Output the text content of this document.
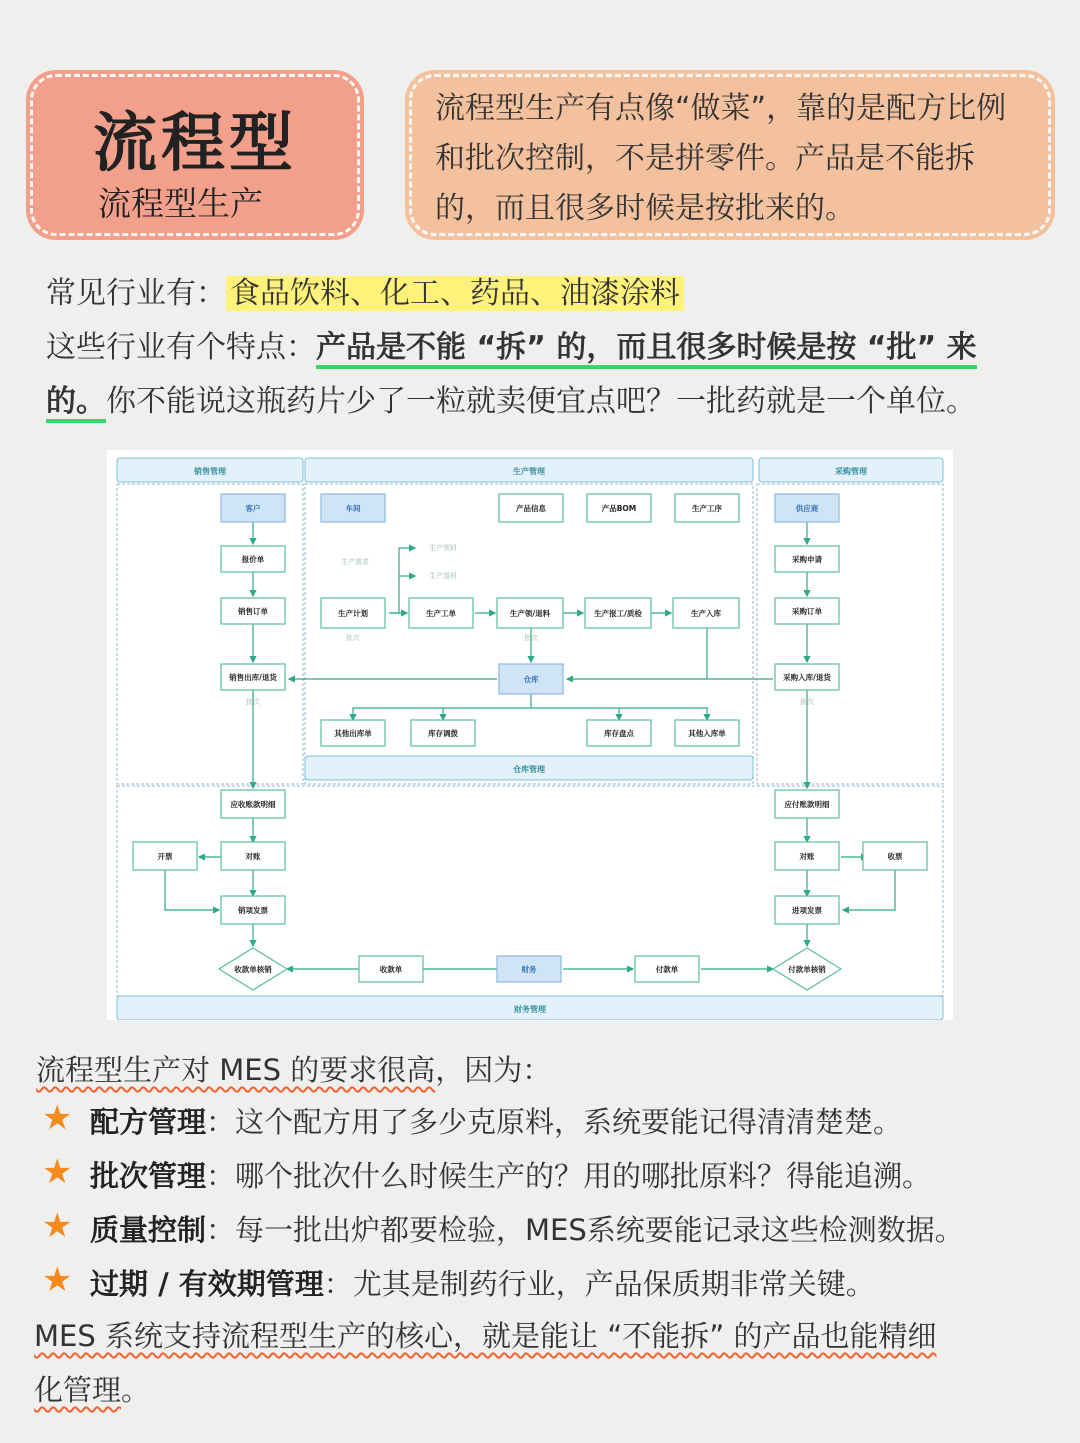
流程型
流程型生产
流程型生产有点像“做菜”，靠的是配方比例和批次控制，不是拼零件。产品是不能拆的，而且很多时候是按批来的。
常见行业有： 食品饮料、化工、药品、油漆涂料
这些行业有个特点：产品是不能 “拆” 的，而且很多时候是按 “批” 来
的。你不能说这瓶药片少了一粒就卖便宜点吧？一批药就是一个单位。
销售管理	生产管理	采购管理
仓库管理
财务管理
生产需求
生产领料
生产退料
批次	批次
批次	批次
客户
报价单
销售订单
销售出库/退货
车间	产品信息	产品BOM	生产工序
生产计划	生产工单	生产领/退料	生产报工/质检	生产入库
仓库
其他出库单	库存调拨	库存盘点	其他入库单
供应商
采购申请
采购订单
采购入库/退货
应收账款明细
开票	对账
销项发票
应付账款明细
对账	收票
进项发票
收款单核销	收款单	财务	付款单	付款单核销
流程型生产对 MES 的要求很高，因为：
★ 配方管理：这个配方用了多少克原料，系统要能记得清清楚楚。
★ 批次管理：哪个批次什么时候生产的？用的哪批原料？得能追溯。
★ 质量控制：每一批出炉都要检验，MES系统要能记录这些检测数据。
★ 过期 / 有效期管理：尤其是制药行业，产品保质期非常关键。
MES 系统支持流程型生产的核心，就是能让 “不能拆” 的产品也能精细
化管理。
